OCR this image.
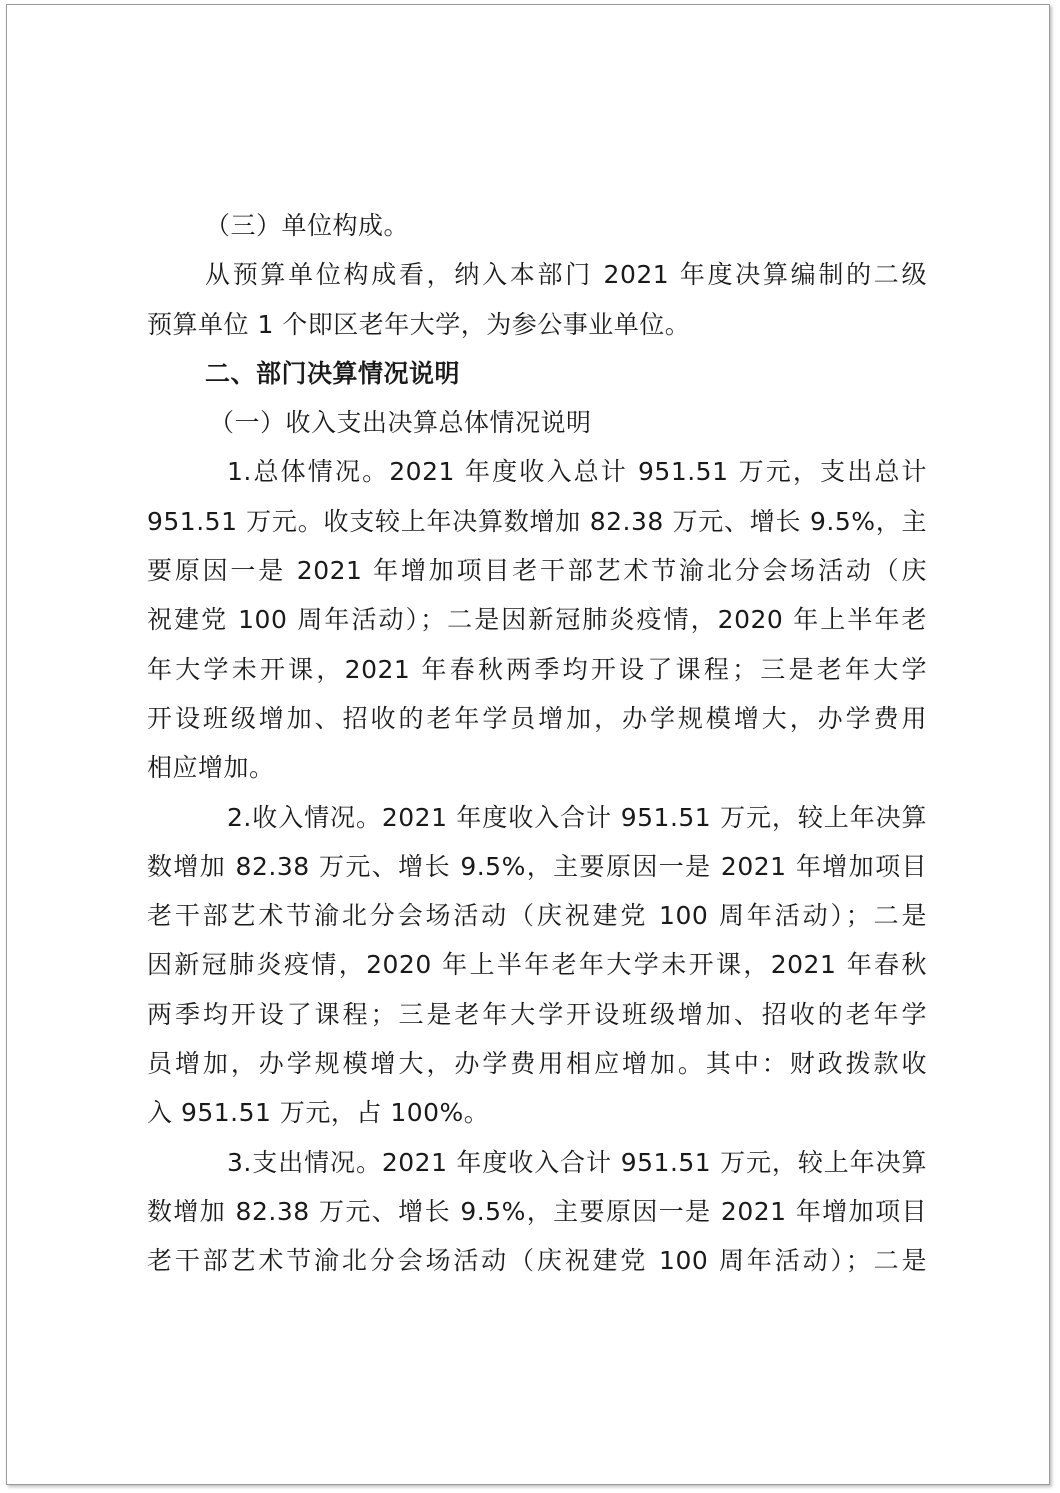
（三）单位构成。
从预算单位构成看，纳入本部门 2021 年度决算编制的二级
预算单位 1 个即区老年大学，为参公事业单位。
二、部门决算情况说明
（一）收入支出决算总体情况说明
1.总体情况。2021 年度收入总计 951.51 万元，支出总计
951.51 万元。收支较上年决算数增加 82.38 万元、增长 9.5%，主
要原因一是 2021 年增加项目老干部艺术节渝北分会场活动（庆
祝建党 100 周年活动）；二是因新冠肺炎疫情，2020 年上半年老
年大学未开课，2021 年春秋两季均开设了课程；三是老年大学
开设班级增加、招收的老年学员增加，办学规模增大，办学费用
相应增加。
2.收入情况。2021 年度收入合计 951.51 万元，较上年决算
数增加 82.38 万元、增长 9.5%，主要原因一是 2021 年增加项目
老干部艺术节渝北分会场活动（庆祝建党 100 周年活动）；二是
因新冠肺炎疫情，2020 年上半年老年大学未开课，2021 年春秋
两季均开设了课程；三是老年大学开设班级增加、招收的老年学
员增加，办学规模增大，办学费用相应增加。其中：财政拨款收
入 951.51 万元，占 100%。
3.支出情况。2021 年度收入合计 951.51 万元，较上年决算
数增加 82.38 万元、增长 9.5%，主要原因一是 2021 年增加项目
老干部艺术节渝北分会场活动（庆祝建党 100 周年活动）；二是
